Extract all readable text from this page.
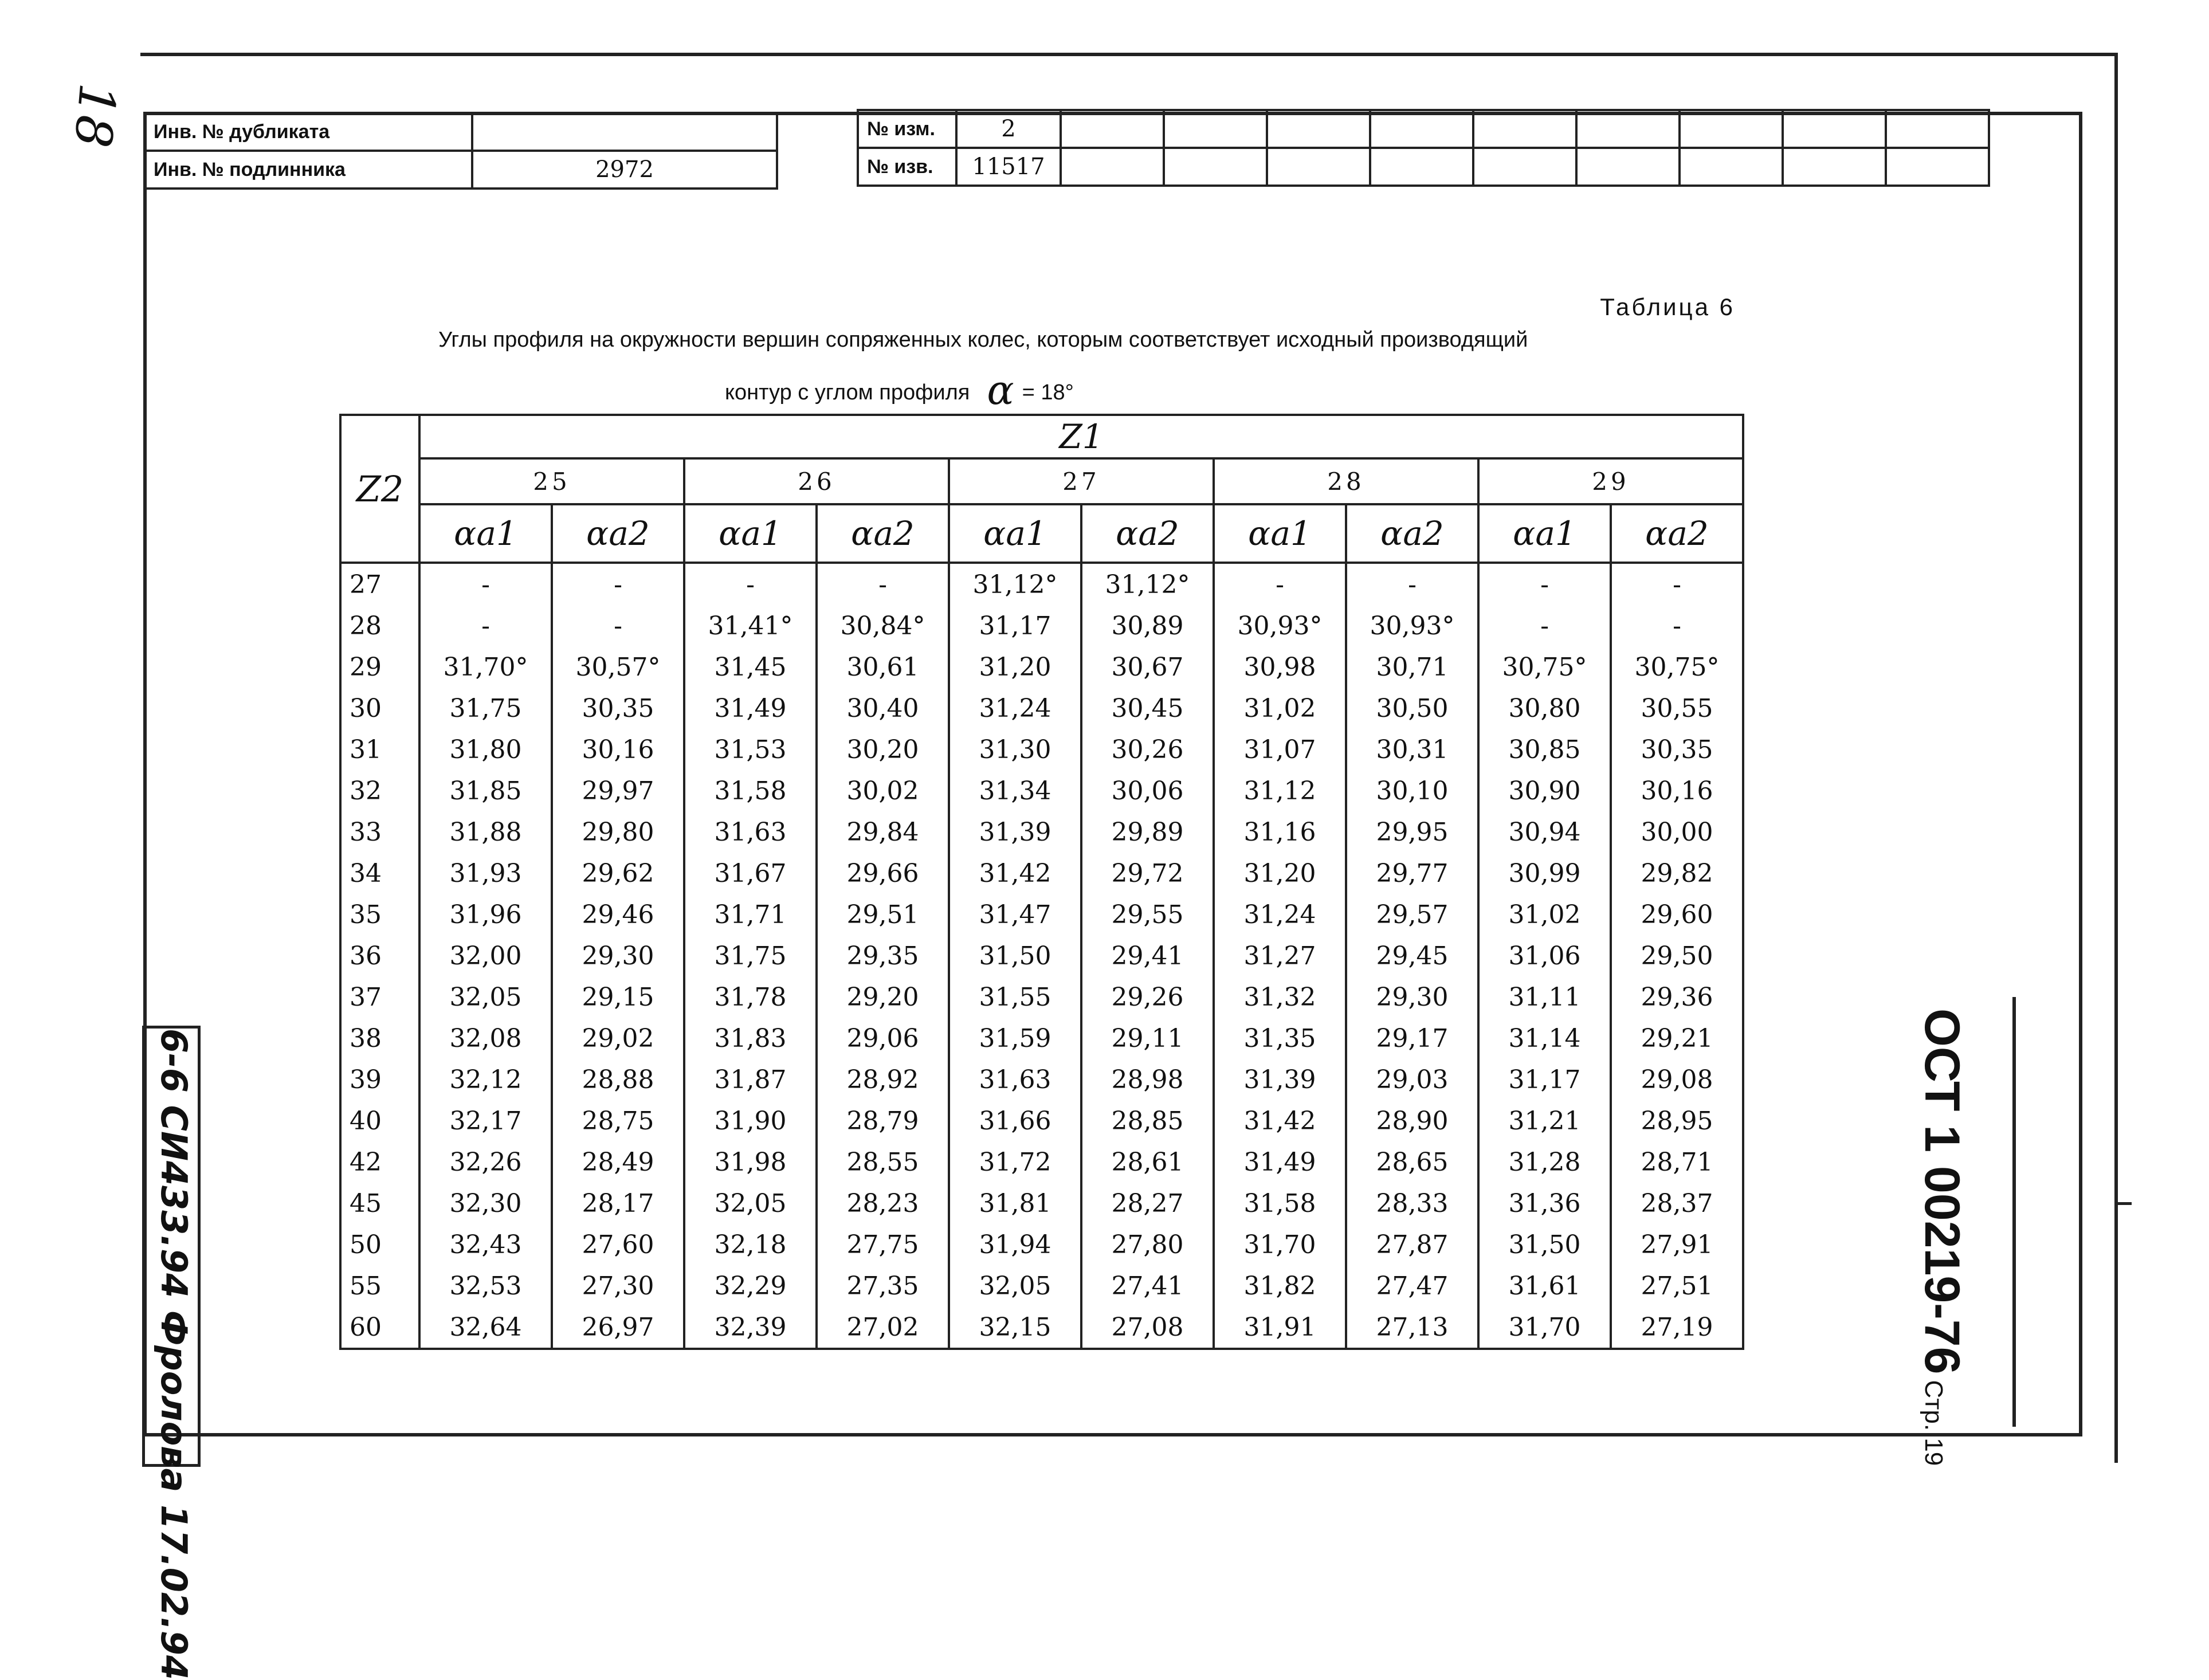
18 Инв. № дубликата	
Инв. № подлинника	2972
№ изм.	2									
№ изв.	11517									
Таблица 6
Углы профиля на окружности вершин сопряженных колес, которым соответствует исходный производящий
контур с углом профиля α = 18°
Z2	Z1									
	25		26		27		28		29	
	αa1	αa2	αa1	αa2	αa1	αa2	αa1	αa2	αa1	αa2
27	-	-	-	-	31,12°	31,12°	-	-	-	-
28	-	-	31,41°	30,84°	31,17	30,89	30,93°	30,93°	-	-
29	31,70°	30,57°	31,45	30,61	31,20	30,67	30,98	30,71	30,75°	30,75°
30	31,75	30,35	31,49	30,40	31,24	30,45	31,02	30,50	30,80	30,55
31	31,80	30,16	31,53	30,20	31,30	30,26	31,07	30,31	30,85	30,35
32	31,85	29,97	31,58	30,02	31,34	30,06	31,12	30,10	30,90	30,16
33	31,88	29,80	31,63	29,84	31,39	29,89	31,16	29,95	30,94	30,00
34	31,93	29,62	31,67	29,66	31,42	29,72	31,20	29,77	30,99	29,82
35	31,96	29,46	31,71	29,51	31,47	29,55	31,24	29,57	31,02	29,60
36	32,00	29,30	31,75	29,35	31,50	29,41	31,27	29,45	31,06	29,50
37	32,05	29,15	31,78	29,20	31,55	29,26	31,32	29,30	31,11	29,36
38	32,08	29,02	31,83	29,06	31,59	29,11	31,35	29,17	31,14	29,21
39	32,12	28,88	31,87	28,92	31,63	28,98	31,39	29,03	31,17	29,08
40	32,17	28,75	31,90	28,79	31,66	28,85	31,42	28,90	31,21	28,95
42	32,26	28,49	31,98	28,55	31,72	28,61	31,49	28,65	31,28	28,71
45	32,30	28,17	32,05	28,23	31,81	28,27	31,58	28,33	31,36	28,37
50	32,43	27,60	32,18	27,75	31,94	27,80	31,70	27,87	31,50	27,91
55	32,53	27,30	32,29	27,35	32,05	27,41	31,82	27,47	31,61	27,51
60	32,64	26,97	32,39	27,02	32,15	27,08	31,91	27,13	31,70	27,19	ОСТ 1 00219-76Стр. 19
6-6 СИ433.94 Фролова 17.02.94
